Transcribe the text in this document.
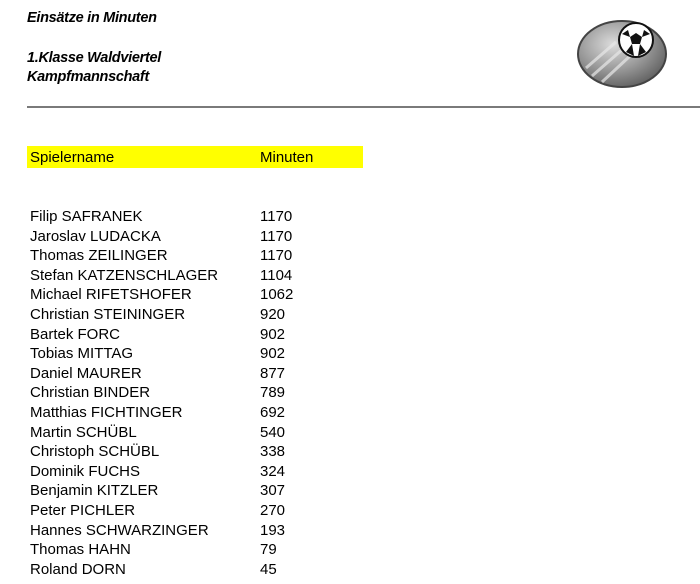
Einsätze in Minuten
1.Klasse Waldviertel
Kampfmannschaft
Spielername	Minuten
Filip SAFRANEK	1170
Jaroslav LUDACKA	1170
Thomas ZEILINGER	1170
Stefan KATZENSCHLAGER	1104
Michael RIFETSHOFER	1062
Christian STEININGER	920
Bartek FORC	902
Tobias MITTAG	902
Daniel MAURER	877
Christian BINDER	789
Matthias FICHTINGER	692
Martin SCHÜBL	540
Christoph SCHÜBL	338
Dominik FUCHS	324
Benjamin KITZLER	307
Peter PICHLER	270
Hannes SCHWARZINGER	193
Thomas HAHN	79
Roland DORN	45
